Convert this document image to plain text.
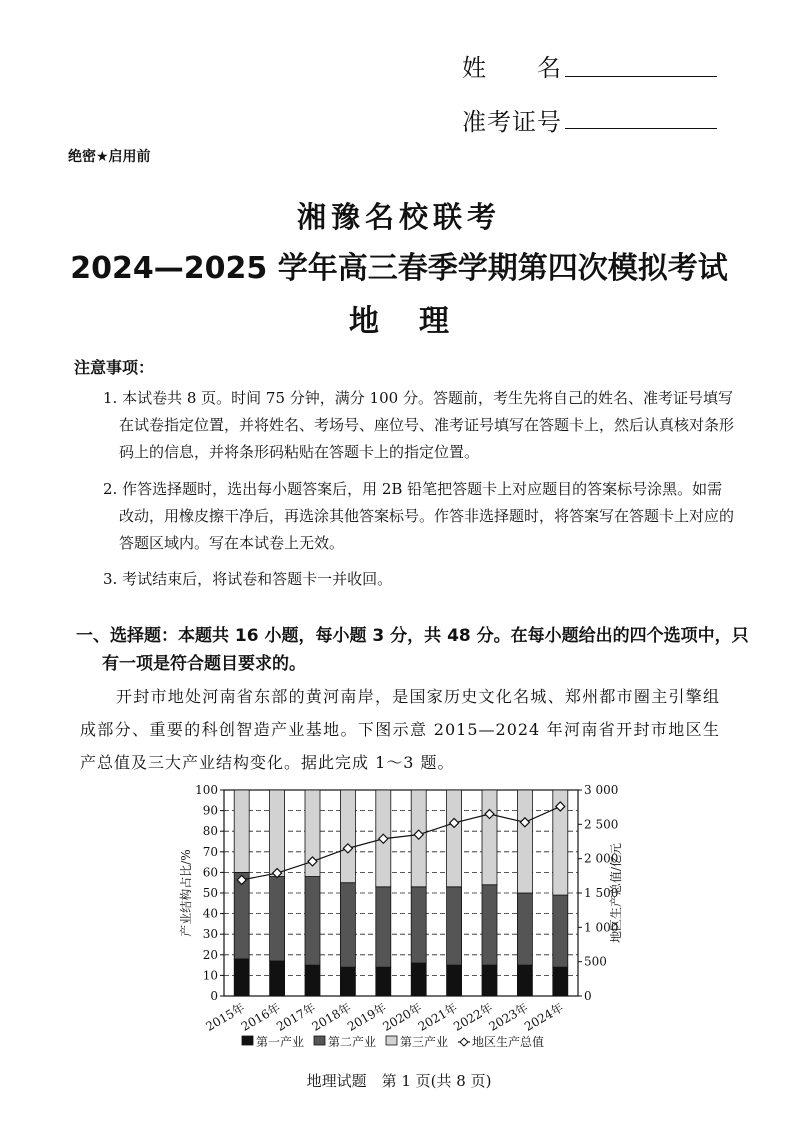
姓　　名
准考证号
绝密★启用前
湘豫名校联考
2024—2025 学年高三春季学期第四次模拟考试
地理
注意事项：
1. 本试卷共 8 页。时间 75 分钟，满分 100 分。答题前，考生先将自己的姓名、准考证号填写在试卷指定位置，并将姓名、考场号、座位号、准考证号填写在答题卡上，然后认真核对条形码上的信息，并将条形码粘贴在答题卡上的指定位置。
2. 作答选择题时，选出每小题答案后，用 2B 铅笔把答题卡上对应题目的答案标号涂黑。如需改动，用橡皮擦干净后，再选涂其他答案标号。作答非选择题时，将答案写在答题卡上对应的答题区域内。写在本试卷上无效。
3. 考试结束后，将试卷和答题卡一并收回。
一、选择题：本题共 16 小题，每小题 3 分，共 48 分。在每小题给出的四个选项中，只有一项是符合题目要求的。
开封市地处河南省东部的黄河南岸，是国家历史文化名城、郑州都市圈主引擎组成部分、重要的科创智造产业基地。下图示意 2015—2024 年河南省开封市地区生产总值及三大产业结构变化。据此完成 1～3 题。
0
10
20
30
40
50
60
70
80
90
100
0
500
1 000
1 500
2 000
2 500
3 000
产业结构占比/%	地区生产总值/亿元
2015年
2016年
2017年
2018年
2019年
2020年
2021年
2022年
2023年
2024年
第一产业 第二产业 第三产业 地区生产总值
地理试题　第 1 页(共 8 页)
